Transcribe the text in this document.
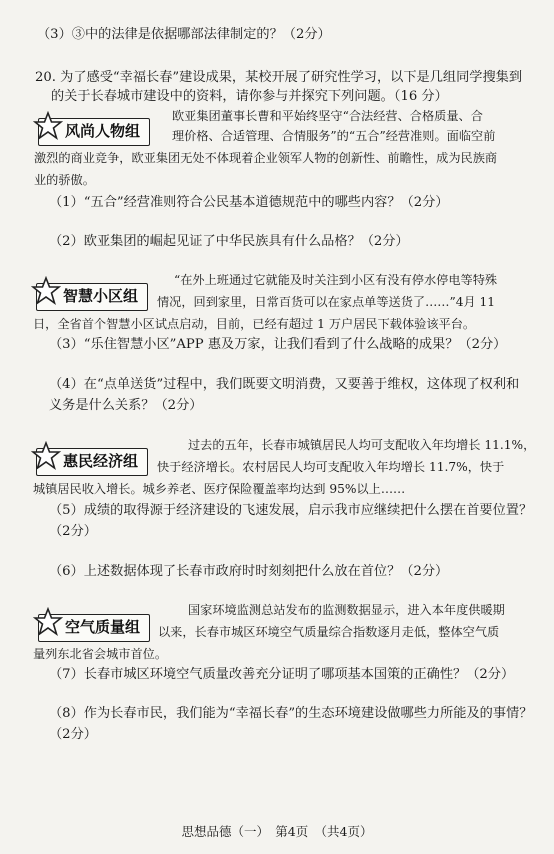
（3）③中的法律是依据哪部法律制定的？（2分）
20. 为了感受“幸福长春”建设成果，某校开展了研究性学习，以下是几组同学搜集到
的关于长春城市建设中的资料，请你参与并探究下列问题。（16 分）
风尚人物组
欧亚集团董事长曹和平始终坚守“合法经营、合格质量、合
理价格、合适管理、合情服务”的“五合”经营准则。面临空前
激烈的商业竞争，欧亚集团无处不体现着企业领军人物的创新性、前瞻性，成为民族商
业的骄傲。
（1）“五合”经营准则符合公民基本道德规范中的哪些内容？（2分）
（2）欧亚集团的崛起见证了中华民族具有什么品格？（2分）
智慧小区组
“在外上班通过它就能及时关注到小区有没有停水停电等特殊
情况，回到家里，日常百货可以在家点单等送货了……”4月 11
日，全省首个智慧小区试点启动，目前，已经有超过 1 万户居民下载体验该平台。
（3）“乐住智慧小区”APP 惠及万家，让我们看到了什么战略的成果？（2分）
（4）在“点单送货”过程中，我们既要文明消费，又要善于维权，这体现了权利和
义务是什么关系？（2分）
惠民经济组
过去的五年，长春市城镇居民人均可支配收入年均增长 11.1%，
快于经济增长。农村居民人均可支配收入年均增长 11.7%，快于
城镇居民收入增长。城乡养老、医疗保险覆盖率均达到 95%以上……
（5）成绩的取得源于经济建设的飞速发展，启示我市应继续把什么摆在首要位置？
（2分）
（6）上述数据体现了长春市政府时时刻刻把什么放在首位？（2分）
空气质量组
国家环境监测总站发布的监测数据显示，进入本年度供暖期
以来，长春市城区环境空气质量综合指数逐月走低，整体空气质
量列东北省会城市首位。
（7）长春市城区环境空气质量改善充分证明了哪项基本国策的正确性？（2分）
（8）作为长春市民，我们能为“幸福长春”的生态环境建设做哪些力所能及的事情？
（2分）
思想品德（一）　第4页　（共4页）
